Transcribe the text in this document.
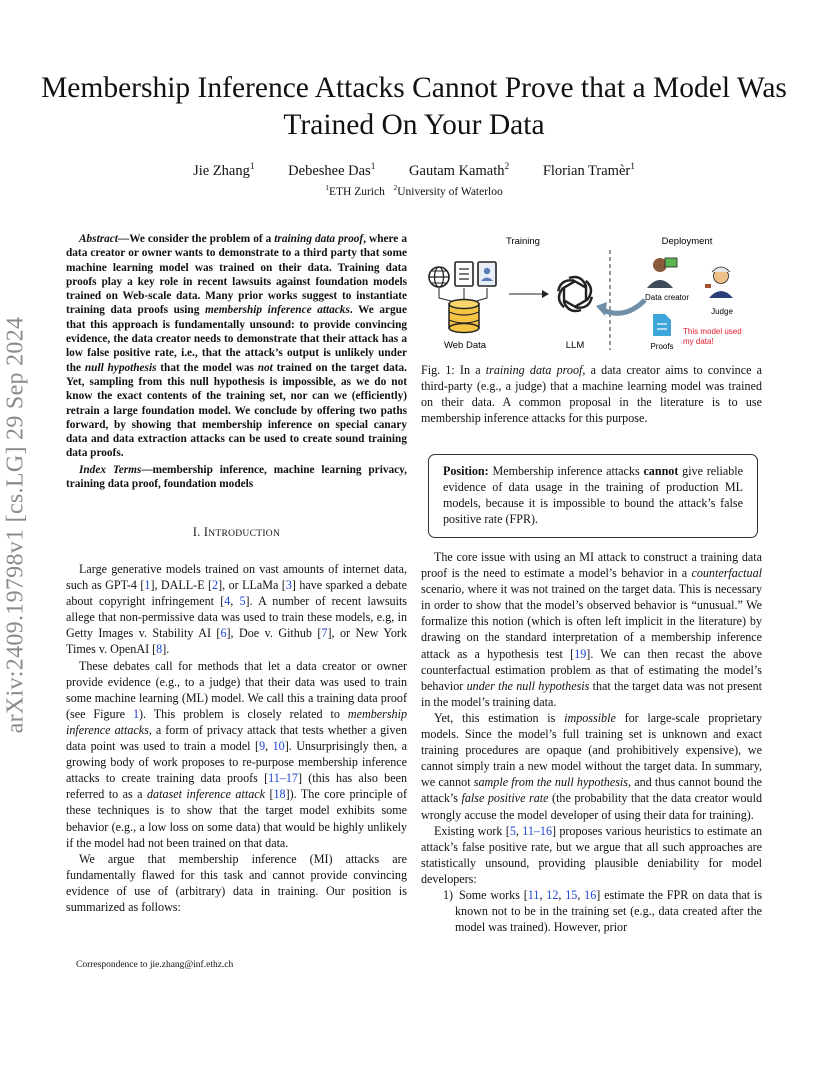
Membership Inference Attacks Cannot Prove that a Model Was Trained On Your Data
Jie Zhang$^1$ Debeshee Das$^1$ Gautam Kamath$^2$ Florian Tramèr$^1$
$^1$ETH Zurich $^2$University of Waterloo
arXiv:2409.19798v1 [cs.LG] 29 Sep 2024

Abstract—We consider the problem of a training data proof, where a data creator or owner wants to demonstrate to a third party that some machine learning model was trained on their data. Training data proofs play a key role in recent lawsuits against foundation models trained on Web-scale data. Many prior works suggest to instantiate training data proofs using membership inference attacks. We argue that this approach is fundamentally unsound: to provide convincing evidence, the data creator needs to demonstrate that their attack has a low false positive rate, i.e., that the attack’s output is unlikely under the null hypothesis that the model was not trained on the target data. Yet, sampling from this null hypothesis is impossible, as we do not know the exact contents of the training set, nor can we (efficiently) retrain a large foundation model. We conclude by offering two paths forward, by showing that membership inference on special canary data and data extraction attacks can be used to create sound training data proofs.

Index Terms—membership inference, machine learning privacy, training data proof, foundation models

I. INTRODUCTION

Large generative models trained on vast amounts of internet data, such as GPT-4 [1], DALL-E [2], or LLaMa [3] have sparked a debate about copyright infringement [4, 5]. A number of recent lawsuits allege that non-permissive data was used to train these models, e.g, in Getty Images v. Stability AI [6], Doe v. Github [7], or New York Times v. OpenAI [8].

These debates call for methods that let a data creator or owner provide evidence (e.g., to a judge) that their data was used to train some machine learning (ML) model. We call this a training data proof (see Figure 1). This problem is closely related to membership inference attacks, a form of privacy attack that tests whether a given data point was used to train a model [9, 10]. Unsurprisingly then, a growing body of work proposes to re-purpose membership inference attacks to create training data proofs [11–17] (this has also been referred to as a dataset inference attack [18]). The core principle of these techniques is to show that the target model exhibits some behavior (e.g., a low loss on some data) that would be highly unlikely if the model had not been trained on that data.

We argue that membership inference (MI) attacks are fundamentally flawed for this task and cannot provide convincing evidence of use of (arbitrary) data in training. Our position is summarized as follows:

Correspondence to jie.zhang@inf.ethz.ch
Training	Deployment
Web Data	LLM
Data creator
Judge
Proofs
This model used
my data!

Fig. 1: In a training data proof, a data creator aims to convince a third-party (e.g., a judge) that a machine learning model was trained on their data. A common proposal in the literature is to use membership inference attacks for this purpose.

Position: Membership inference attacks cannot give reliable evidence of data usage in the training of production ML models, because it is impossible to bound the attack’s false positive rate (FPR).

The core issue with using an MI attack to construct a training data proof is the need to estimate a model’s behavior in a counterfactual scenario, where it was not trained on the target data. This is necessary in order to show that the model’s observed behavior is “unusual.” We formalize this notion (which is often left implicit in the literature) by drawing on the standard interpretation of a membership inference attack as a hypothesis test [19]. We can then recast the above counterfactual estimation problem as that of estimating the model’s behavior under the null hypothesis that the target data was not present in the model’s training data.

Yet, this estimation is impossible for large-scale proprietary models. Since the model’s full training set is unknown and exact training procedures are opaque (and prohibitively expensive), we cannot simply train a new model without the target data. In summary, we cannot sample from the null hypothesis, and thus cannot bound the attack’s false positive rate (the probability that the data creator would wrongly accuse the model developer of using their data for training).

Existing work [5, 11–16] proposes various heuristics to estimate an attack’s false positive rate, but we argue that all such approaches are statistically unsound, providing plausible deniability for model developers:

1) Some works [11, 12, 15, 16] estimate the FPR on data that is known not to be in the training set (e.g., data created after the model was trained). However, prior
